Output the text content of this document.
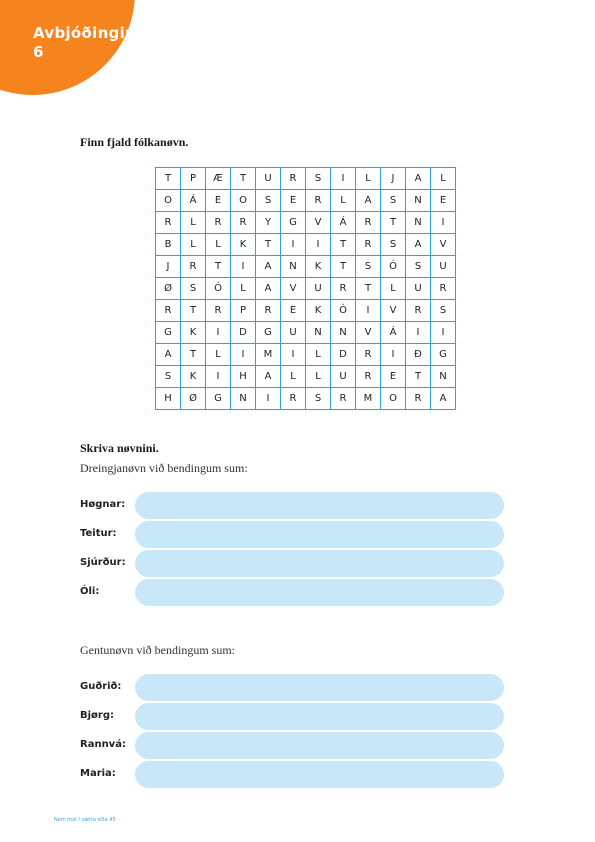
Avbjóðingin
6
Finn fjald fólkanøvn.
T	P	Æ	T	U	R	S	I	L	J	A	L
O	Á	E	O	S	E	R	L	A	S	N	E
R	L	R	R	Y	G	V	Á	R	T	N	I
B	L	L	K	T	I	I	T	R	S	A	V
J	R	T	I	A	N	K	T	S	Ó	S	U
Ø	S	Ó	L	A	V	U	R	T	L	U	R
R	T	R	P	R	E	K	Ó	I	V	R	S
G	K	I	D	G	U	N	N	V	Á	I	I
A	T	L	I	M	I	L	D	R	I	Ð	G
S	K	I	H	A	L	L	U	R	E	T	N
H	Ø	G	N	I	R	S	R	M	O	R	A
Skriva nøvnini.
Dreingjanøvn við bendingum sum:
Høgnar:
Teitur:
Sjúrður:
Óli:
Gentunøvn við bendingum sum:
Guðrið:
Bjørg:
Rannvá:
Maria:
Nem mál / sætta síða 45
